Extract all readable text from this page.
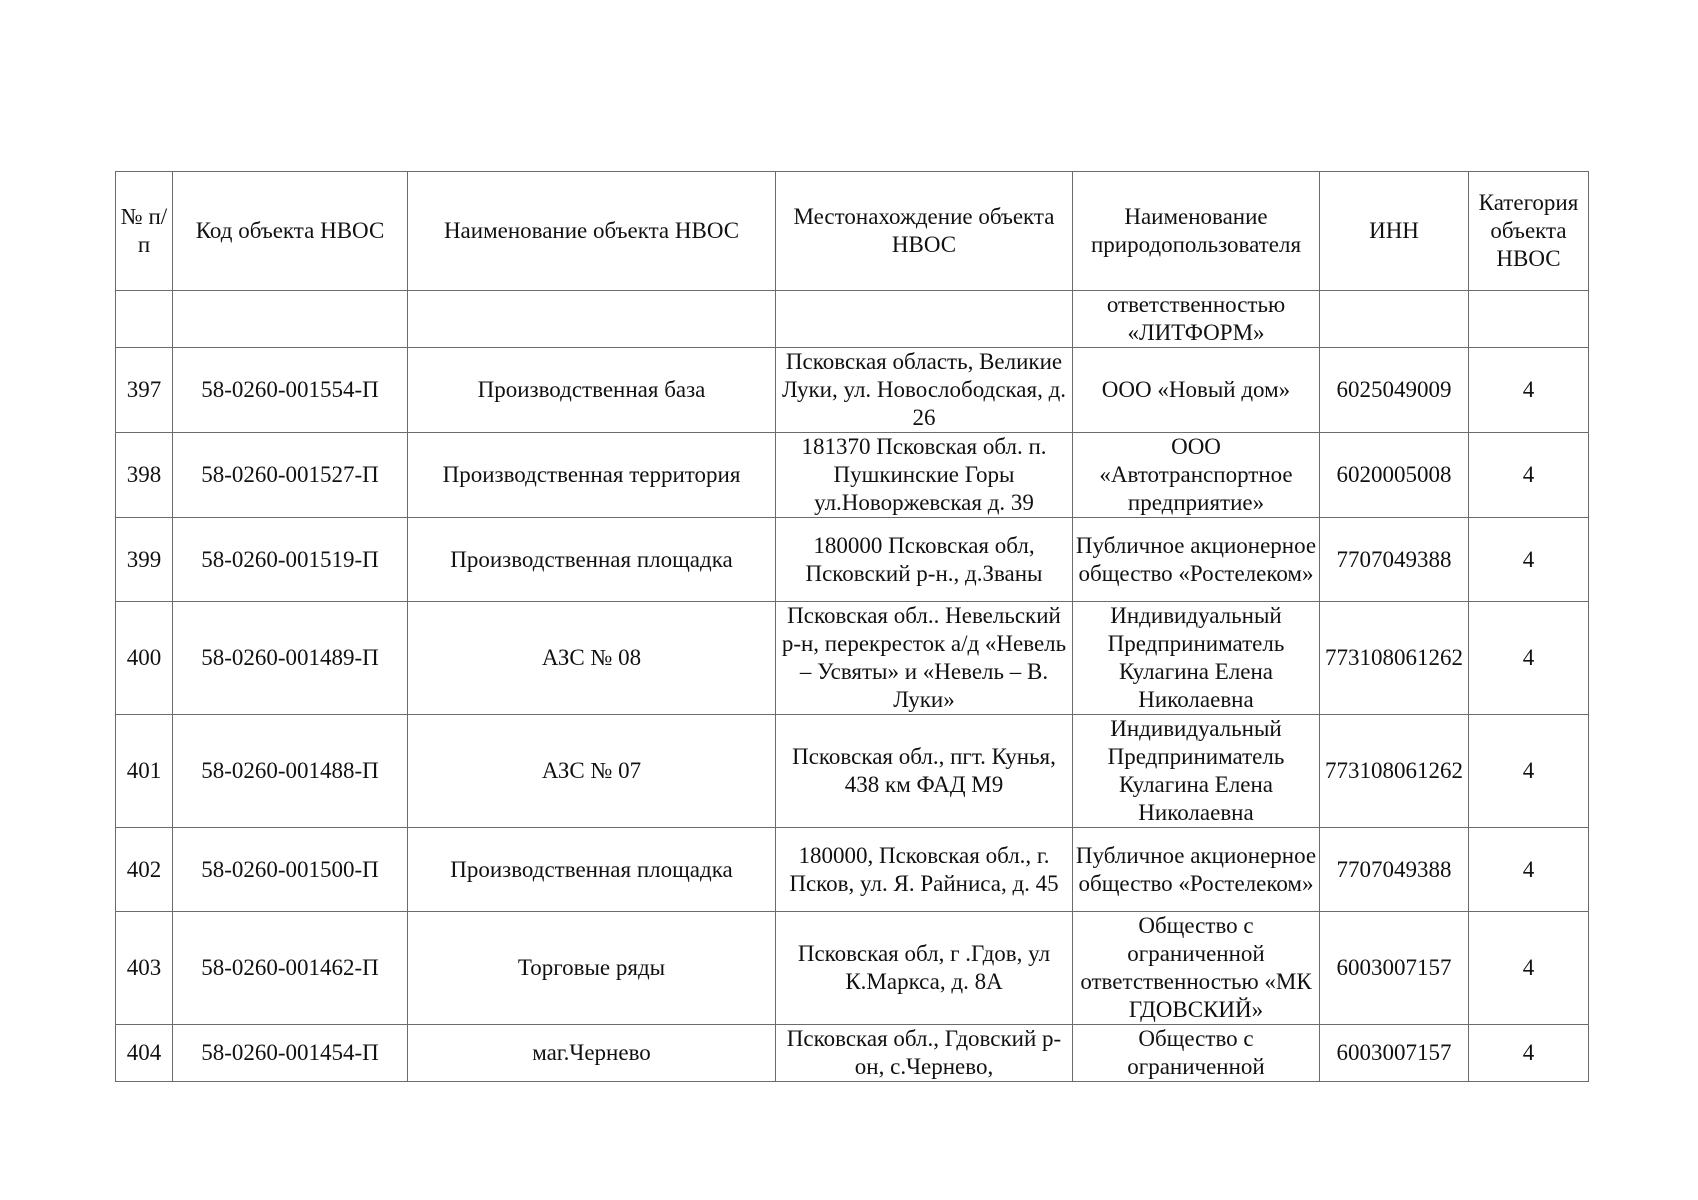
№ п/п	Код объекта НВОС	Наименование объекта НВОС	Местонахождение объекта НВОС	Наименование природопользователя	ИНН	Категория объекта НВОС
				ответственностью «ЛИТФОРМ»		
397	58-0260-001554-П	Производственная база	Псковская область, Великие Луки, ул. Новослободская, д. 26	ООО «Новый дом»	6025049009	4
398	58-0260-001527-П	Производственная территория	181370 Псковская обл. п. Пушкинские Горы ул.Новоржевская д. 39	ООО «Автотранспортное предприятие»	6020005008	4
399	58-0260-001519-П	Производственная площадка	180000 Псковская обл, Псковский р-н., д.Званы	Публичное акционерное общество «Ростелеком»	7707049388	4
400	58-0260-001489-П	АЗС № 08	Псковская обл.. Невельский р-н, перекресток а/д «Невель – Усвяты» и «Невель – В. Луки»	Индивидуальный Предприниматель Кулагина Елена Николаевна	773108061262	4
401	58-0260-001488-П	АЗС № 07	Псковская обл., пгт. Кунья, 438 км ФАД М9	Индивидуальный Предприниматель Кулагина Елена Николаевна	773108061262	4
402	58-0260-001500-П	Производственная площадка	180000, Псковская обл., г. Псков, ул. Я. Райниса, д. 45	Публичное акционерное общество «Ростелеком»	7707049388	4
403	58-0260-001462-П	Торговые ряды	Псковская обл, г .Гдов, ул К.Маркса, д. 8А	Общество с ограниченной ответственностью «МК ГДОВСКИЙ»	6003007157	4
404	58-0260-001454-П	маг.Чернево	Псковская обл., Гдовский р-он, с.Чернево,	Общество с ограниченной	6003007157	4
